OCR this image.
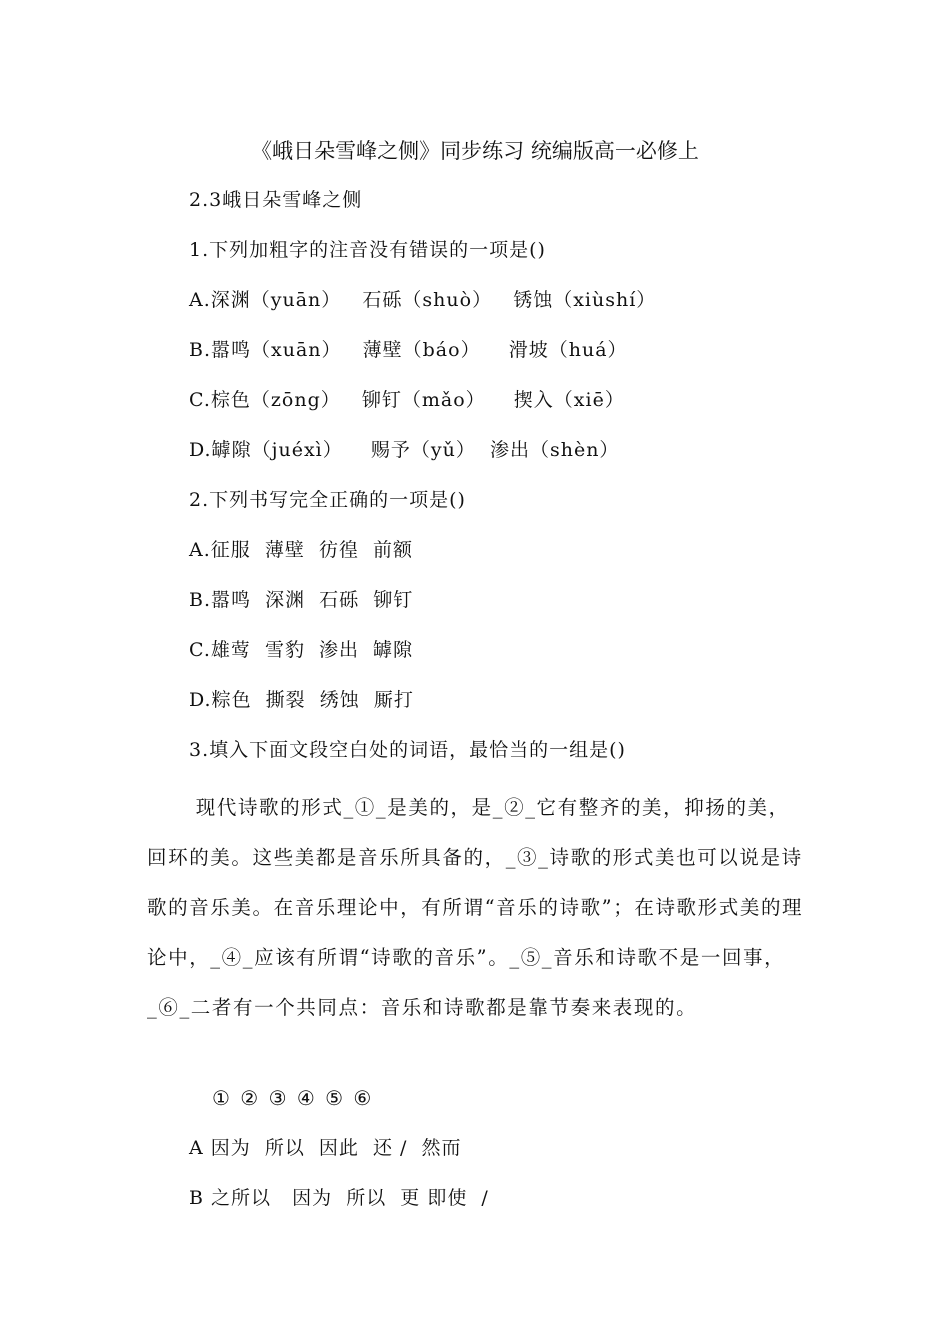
《峨日朵雪峰之侧》同步练习 统编版高一必修上
2.3峨日朵雪峰之侧
1.下列加粗字的注音没有错误的一项是()
A.深渊（yuān）   石砾（shuò）   锈蚀（xiùshí）
B.嚣鸣（xuān）   薄壁（báo）    滑坡（huá）
C.棕色（zōng）   铆钉（mǎo）    揳入（xiē）
D.罅隙（juéxì）    赐予（yǔ）  渗出（shèn）
2.下列书写完全正确的一项是()
A.征服  薄壁  彷徨  前额
B.嚣鸣  深渊  石砾  铆钉
C.雄莺  雪豹  渗出  罅隙
D.粽色  撕裂  绣蚀  厮打
3.填入下面文段空白处的词语，最恰当的一组是()
现代诗歌的形式_①_是美的，是_②_它有整齐的美，抑扬的美，回环的美。这些美都是音乐所具备的，_③_诗歌的形式美也可以说是诗歌的音乐美。在音乐理论中，有所谓“音乐的诗歌”；在诗歌形式美的理论中，_④_应该有所谓“诗歌的音乐”。_⑤_音乐和诗歌不是一回事，_⑥_二者有一个共同点：音乐和诗歌都是靠节奏来表现的。
① ② ③ ④ ⑤ ⑥
A 因为  所以  因此  还 /  然而
B 之所以   因为  所以  更 即使  /
